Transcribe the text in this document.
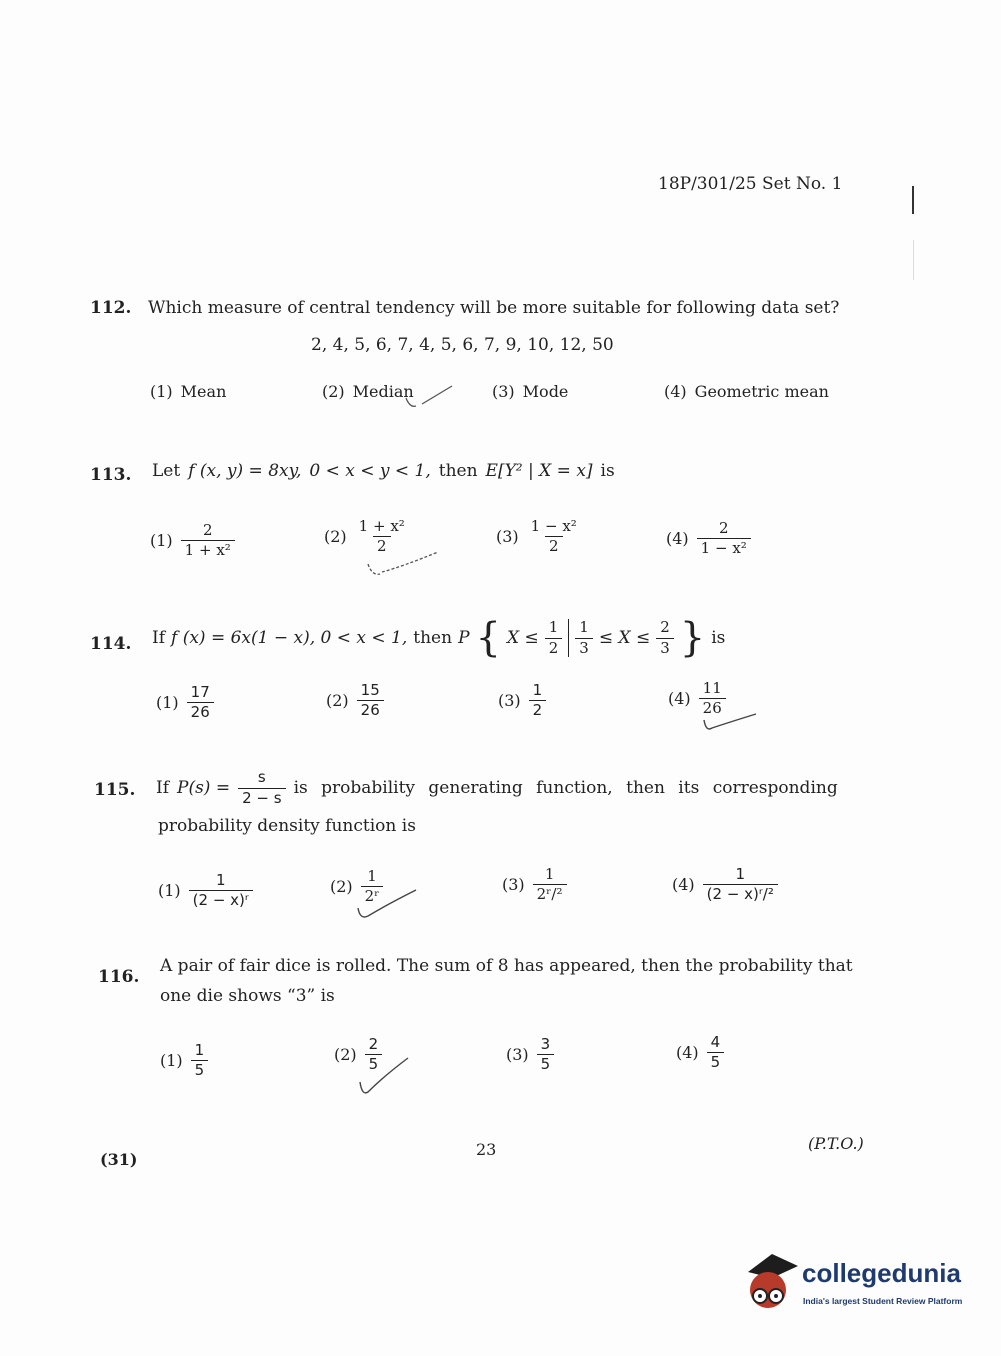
18P/301/25 Set No. 1
112. Which measure of central tendency will be more suitable for following data set?
2, 4, 5, 6, 7, 4, 5, 6, 7, 9, 10, 12, 50
(1) Mean	(2) Median	(3) Mode	(4) Geometric mean
113. Let f (x, y) = 8xy, 0 < x < y < 1, then E[Y² | X = x] is
$(1) \frac{2}{\text{1 + x²}}$	$(2) \frac{\text{1 + x²}}{2}$	$(3) \frac{\text{1 − x²}}{2}$	$(4) \frac{2}{\text{1 − x²}}$
114. If f (x) = 6x(1 − x), 0 < x < 1, then P { $X \le \frac{1}{2} \frac{1}{3} \le X \le \frac{2}{3}$ } is
$(1) \frac{17}{26}$	$(2) \frac{15}{26}$	$(3) \frac{1}{2}$	$(4) \frac{11}{26}$
115. If $P(s) = \frac{s}{2 - s}$ is probability generating function, then its corresponding
probability density function is
$(1) \frac{1}{\text{(2 − x)ʳ}}$	$(2) \frac{1}{\text{2ʳ}}$	$(3) \frac{1}{\text{2ʳ/²}}$	$(4) \frac{1}{\text{(2 − x)ʳ/²}}$
116.
A pair of fair dice is rolled. The sum of 8 has appeared, then the probability that
one die shows “3” is
$(1) \frac{1}{5}$	$(2) \frac{2}{5}$	$(3) \frac{3}{5}$	$(4) \frac{4}{5}$
(31)
23	(P.T.O.)
collegedunia
India's largest Student Review Platform
